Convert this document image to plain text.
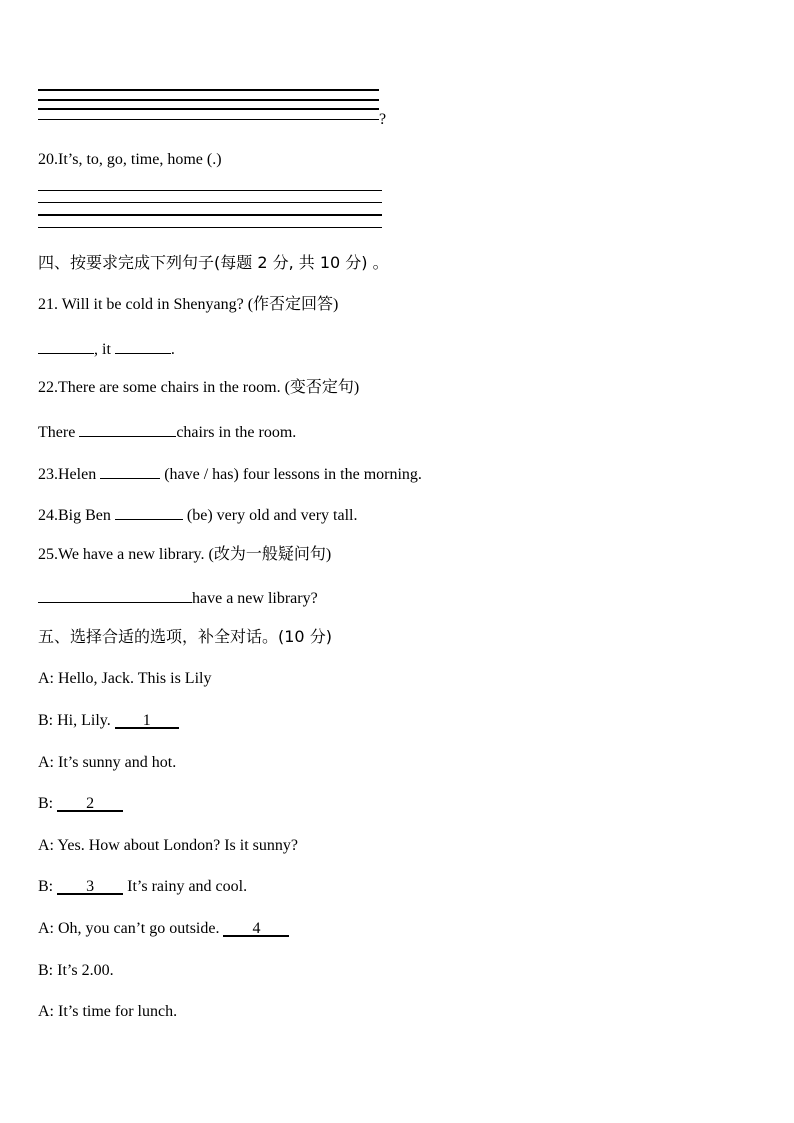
?
20.It’s, to, go, time, home (.)
四、按要求完成下列句子(每题 2 分, 共 10 分) 。
21. Will it be cold in Shenyang? (作否定回答)
, it	.
22.There are some chairs in the room. (变否定句)
There	chairs in the room.
23.Helen	(have / has) four lessons in the morning.
24.Big Ben	(be) very old and very tall.
25.We have a new library. (改为一般疑问句)
have a new library?
五、选择合适的选项，补全对话。(10 分)
A: Hello, Jack. This is Lily
B: Hi, Lily. 1
A: It’s sunny and hot.
B: 2
A: Yes. How about London? Is it sunny?
B: 3 It’s rainy and cool.
A: Oh, you can’t go outside. 4
B: It’s 2.00.
A: It’s time for lunch.
